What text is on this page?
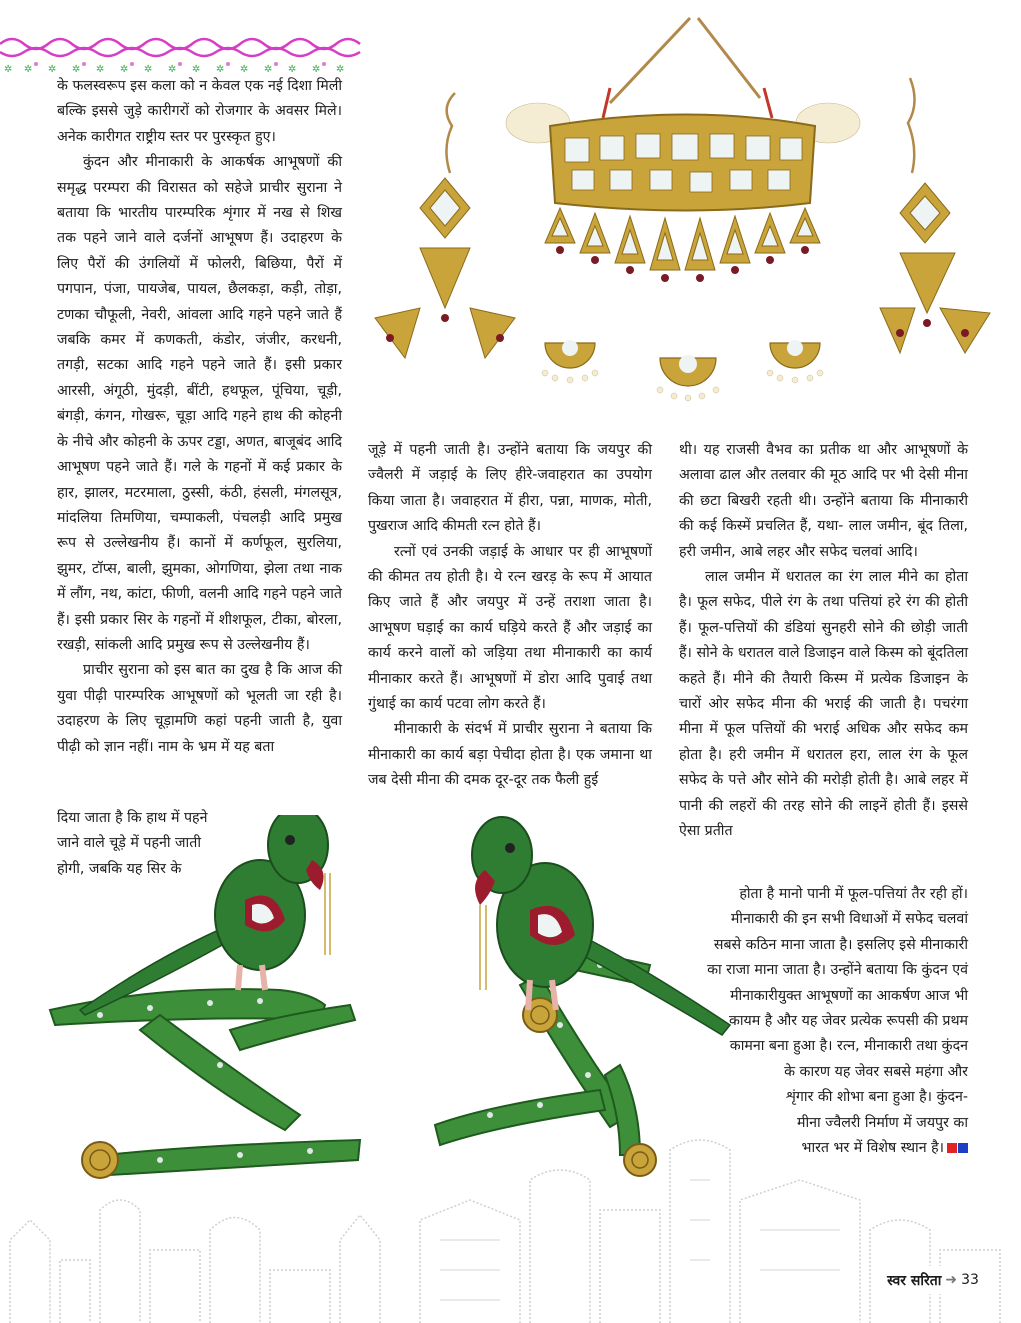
✲ ✲ ✲ ✲ ✲ ✲ ✲ ✲ ✲ ✲ ✲ ✲ ✲ ✲ ✲

के फलस्वरूप इस कला को न केवल एक नई दिशा मिली बल्कि इससे जुड़े कारीगरों को रोजगार के अवसर मिले। अनेक कारीगत राष्ट्रीय स्तर पर पुरस्कृत हुए।

कुंदन और मीनाकारी के आकर्षक आभूषणों की समृद्ध परम्परा की विरासत को सहेजे प्राचीर सुराना ने बताया कि भारतीय पारम्परिक शृंगार में नख से शिख तक पहने जाने वाले दर्जनों आभूषण हैं। उदाहरण के लिए पैरों की उंगलियों में फोलरी, बिछिया, पैरों में पगपान, पंजा, पायजेब, पायल, छैलकड़ा, कड़ी, तोड़ा, टणका चौफूली, नेवरी, आंवला आदि गहने पहने जाते हैं जबकि कमर में कणकती, कंडोर, जंजीर, करधनी, तगड़ी, सटका आदि गहने पहने जाते हैं। इसी प्रकार आरसी, अंगूठी, मुंदड़ी, बींटी, हथफूल, पूंचिया, चूड़ी, बंगड़ी, कंगन, गोखरू, चूड़ा आदि गहने हाथ की कोहनी के नीचे और कोहनी के ऊपर टड्डा, अणत, बाजूबंद आदि आभूषण पहने जाते हैं। गले के गहनों में कई प्रकार के हार, झालर, मटरमाला, ठुस्सी, कंठी, हंसली, मंगलसूत्र, मांदलिया तिमणिया, चम्पाकली, पंचलड़ी आदि प्रमुख रूप से उल्लेखनीय हैं। कानों में कर्णफूल, सुरलिया, झुमर, टॉप्स, बाली, झुमका, ओगणिया, झेला तथा नाक में लौंग, नथ, कांटा, फीणी, वलनी आदि गहने पहने जाते हैं। इसी प्रकार सिर के गहनों में शीशफूल, टीका, बोरला, रखड़ी, सांकली आदि प्रमुख रूप से उल्लेखनीय हैं।

प्राचीर सुराना को इस बात का दुख है कि आज की युवा पीढ़ी पारम्परिक आभूषणों को भूलती जा रही है। उदाहरण के लिए चूड़ामणि कहां पहनी जाती है, युवा पीढ़ी को ज्ञान नहीं। नाम के भ्रम में यह बता

दिया जाता है कि हाथ में पहने
जाने वाले चूड़े में पहनी जाती
होगी, जबकि यह सिर के

जूड़े में पहनी जाती है। उन्होंने बताया कि जयपुर की ज्वैलरी में जड़ाई के लिए हीरे-जवाहरात का उपयोग किया जाता है। जवाहरात में हीरा, पन्ना, माणक, मोती, पुखराज आदि कीमती रत्न होते हैं।

रत्नों एवं उनकी जड़ाई के आधार पर ही आभूषणों की कीमत तय होती है। ये रत्न खरड़ के रूप में आयात किए जाते हैं और जयपुर में उन्हें तराशा जाता है। आभूषण घड़ाई का कार्य घड़िये करते हैं और जड़ाई का कार्य करने वालों को जड़िया तथा मीनाकारी का कार्य मीनाकार करते हैं। आभूषणों में डोरा आदि पुवाई तथा गुंथाई का कार्य पटवा लोग करते हैं।

मीनाकारी के संदर्भ में प्राचीर सुराना ने बताया कि मीनाकारी का कार्य बड़ा पेचीदा होता है। एक जमाना था जब देसी मीना की दमक दूर-दूर तक फैली हुई

थी। यह राजसी वैभव का प्रतीक था और आभूषणों के अलावा ढाल और तलवार की मूठ आदि पर भी देसी मीना की छटा बिखरी रहती थी। उन्होंने बताया कि मीनाकारी की कई किस्में प्रचलित हैं, यथा- लाल जमीन, बूंद तिला, हरी जमीन, आबे लहर और सफेद चलवां आदि।

लाल जमीन में धरातल का रंग लाल मीने का होता है। फूल सफेद, पीले रंग के तथा पत्तियां हरे रंग की होती हैं। फूल-पत्तियों की डंडियां सुनहरी सोने की छोड़ी जाती हैं। सोने के धरातल वाले डिजाइन वाले किस्म को बूंदतिला कहते हैं। मीने की तैयारी किस्म में प्रत्येक डिजाइन के चारों ओर सफेद मीना की भराई की जाती है। पचरंगा मीना में फूल पत्तियों की भराई अधिक और सफेद कम होता है। हरी जमीन में धरातल हरा, लाल रंग के फूल सफेद के पत्ते और सोने की मरोड़ी होती है। आबे लहर में पानी की लहरों की तरह सोने की लाइनें होती हैं। इससे ऐसा प्रतीत

होता है मानो पानी में फूल-पत्तियां तैर रही हों।
मीनाकारी की इन सभी विधाओं में सफेद चलवां
सबसे कठिन माना जाता है। इसलिए इसे मीनाकारी
का राजा माना जाता है। उन्होंने बताया कि कुंदन एवं
मीनाकारीयुक्त आभूषणों का आकर्षण आज भी
कायम है और यह जेवर प्रत्येक रूपसी की प्रथम
कामना बना हुआ है। रत्न, मीनाकारी तथा कुंदन
के कारण यह जेवर सबसे महंगा और
शृंगार की शोभा बना हुआ है। कुंदन-
मीना ज्वैलरी निर्माण में जयपुर का
भारत भर में विशेष स्थान है।
स्वर सरिता ➜ 33
